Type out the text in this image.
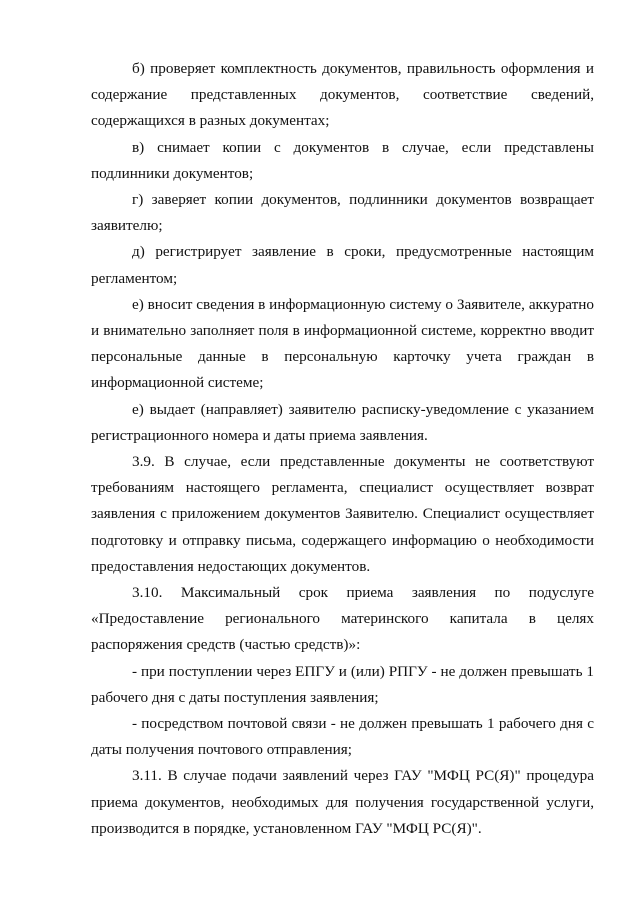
б) проверяет комплектность документов, правильность оформления и содержание представленных документов, соответствие сведений, содержащихся в разных документах;

в) снимает копии с документов в случае, если представлены подлинники документов;

г) заверяет копии документов, подлинники документов возвращает заявителю;

д) регистрирует заявление в сроки, предусмотренные настоящим регламентом;

е) вносит сведения в информационную систему о Заявителе, аккуратно и внимательно заполняет поля в информационной системе, корректно вводит персональные данные в персональную карточку учета граждан в информационной системе;

е) выдает (направляет) заявителю расписку-уведомление с указанием регистрационного номера и даты приема заявления.

3.9. В случае, если представленные документы не соответствуют требованиям настоящего регламента, специалист осуществляет возврат заявления с приложением документов Заявителю. Специалист осуществляет подготовку и отправку письма, содержащего информацию о необходимости предоставления недостающих документов.

3.10. Максимальный срок приема заявления по подуслуге «Предоставление регионального материнского капитала в целях распоряжения средств (частью средств)»:

- при поступлении через ЕПГУ и (или) РПГУ - не должен превышать 1 рабочего дня с даты поступления заявления;

- посредством почтовой связи - не должен превышать 1 рабочего дня с даты получения почтового отправления;

3.11. В случае подачи заявлений через ГАУ "МФЦ РС(Я)" процедура приема документов, необходимых для получения государственной услуги, производится в порядке, установленном ГАУ "МФЦ РС(Я)".
